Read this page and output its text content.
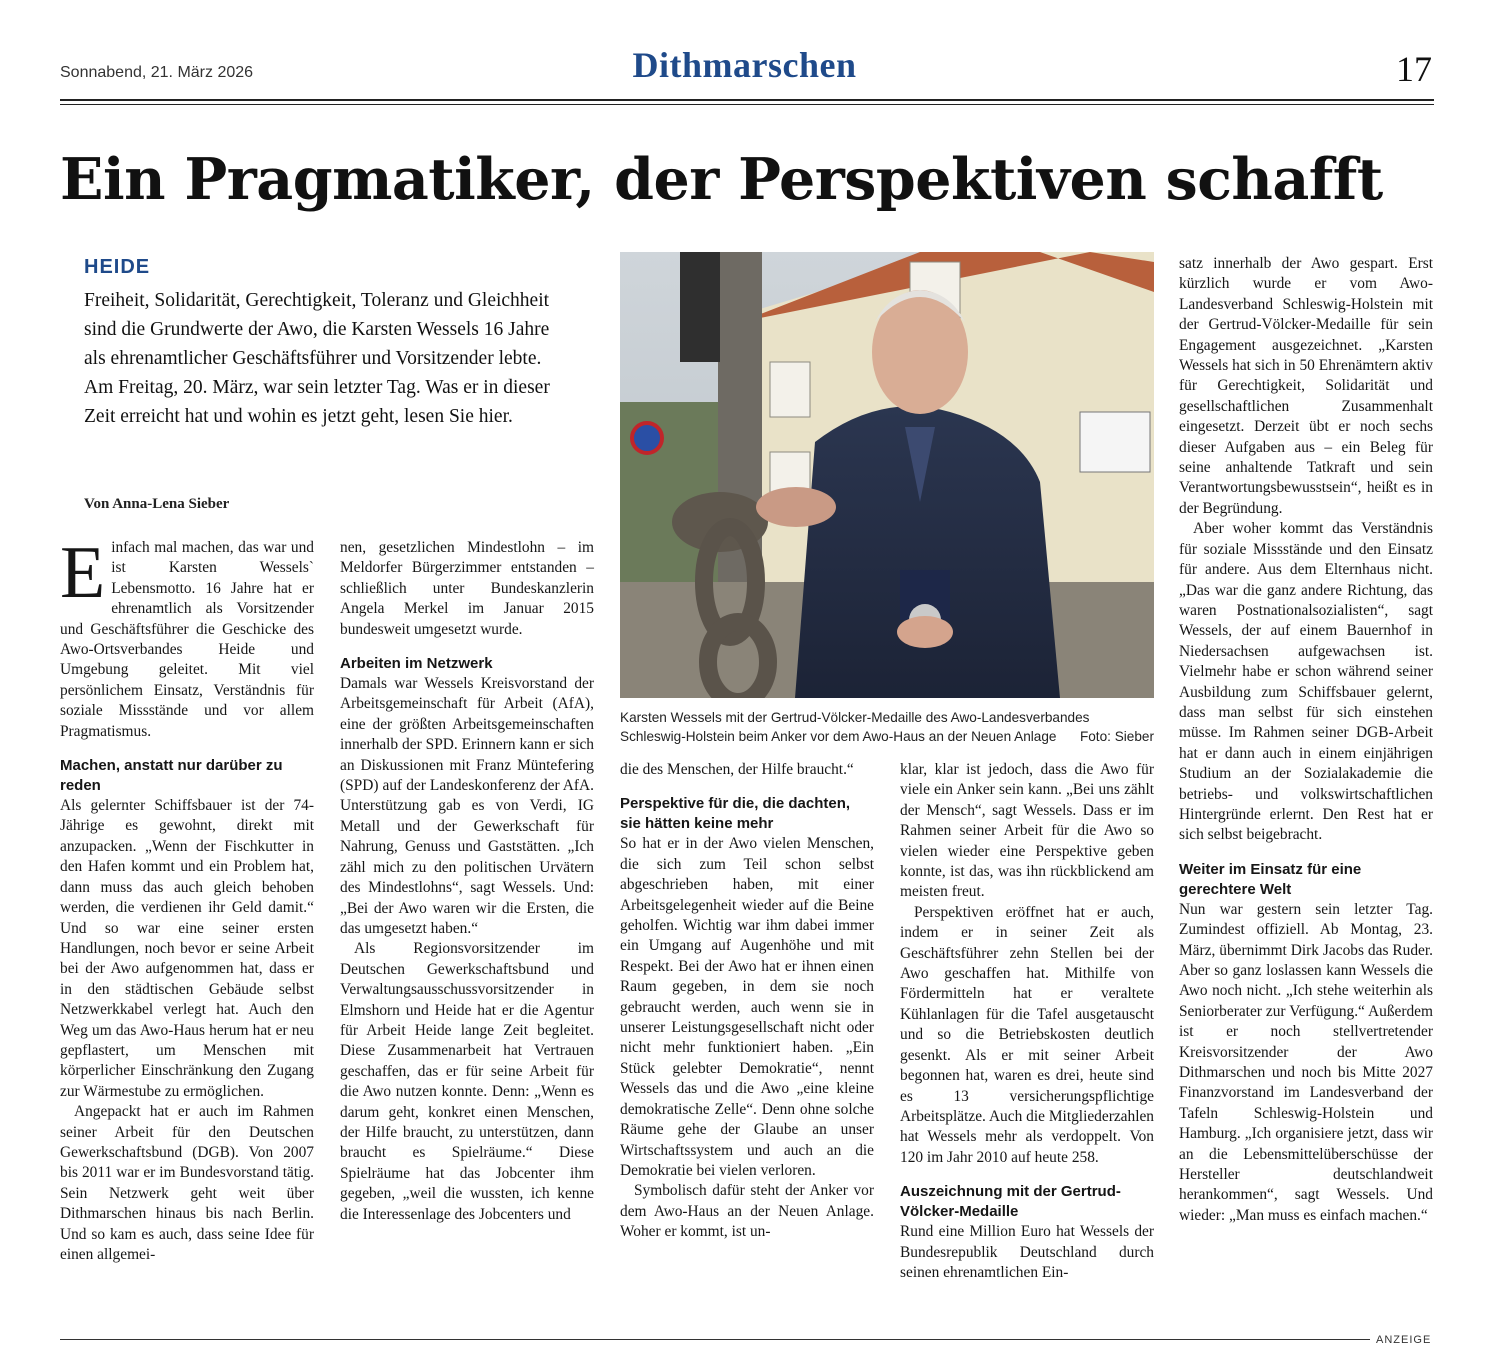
Sonnabend, 21. März 2026	Dithmarschen	17
Ein Pragmatiker, der Perspektiven schafft
HEIDE

Freiheit, Solidarität, Gerechtigkeit, Toleranz und Gleichheit sind die Grundwerte der Awo, die Karsten Wessels 16 Jahre als ehrenamtlicher Geschäftsführer und Vorsitzender lebte. Am Freitag, 20. März, war sein letzter Tag. Was er in dieser Zeit erreicht hat und wohin es jetzt geht, lesen Sie hier.

Von Anna-Lena Sieber

Einfach mal machen, das war und ist Karsten Wessels` Lebensmotto. 16 Jahre hat er ehrenamtlich als Vorsitzender und Geschäftsführer die Geschicke des Awo-Ortsverbandes Heide und Umgebung geleitet. Mit viel persönlichem Einsatz, Verständnis für soziale Missstände und vor allem Pragmatismus.

Machen, anstatt nur darüber zu reden

Als gelernter Schiffsbauer ist der 74-Jährige es gewohnt, direkt mit anzupacken. „Wenn der Fischkutter in den Hafen kommt und ein Problem hat, dann muss das auch gleich behoben werden, die verdienen ihr Geld damit.“ Und so war eine seiner ersten Handlungen, noch bevor er seine Arbeit bei der Awo aufgenommen hat, dass er in den städtischen Gebäude selbst Netzwerkkabel verlegt hat. Auch den Weg um das Awo-Haus herum hat er neu gepflastert, um Menschen mit körperlicher Einschränkung den Zugang zur Wärmestube zu ermöglichen.

Angepackt hat er auch im Rahmen seiner Arbeit für den Deutschen Gewerkschaftsbund (DGB). Von 2007 bis 2011 war er im Bundesvorstand tätig. Sein Netzwerk geht weit über Dithmarschen hinaus bis nach Berlin. Und so kam es auch, dass seine Idee für einen allgemei-

nen, gesetzlichen Mindestlohn – im Meldorfer Bürgerzimmer entstanden – schließlich unter Bundeskanzlerin Angela Merkel im Januar 2015 bundesweit umgesetzt wurde.

Arbeiten im Netzwerk

Damals war Wessels Kreisvorstand der Arbeitsgemeinschaft für Arbeit (AfA), eine der größten Arbeitsgemeinschaften innerhalb der SPD. Erinnern kann er sich an Diskussionen mit Franz Müntefering (SPD) auf der Landeskonferenz der AfA. Unterstützung gab es von Verdi, IG Metall und der Gewerkschaft für Nahrung, Genuss und Gaststätten. „Ich zähl mich zu den politischen Urvätern des Mindestlohns“, sagt Wessels. Und: „Bei der Awo waren wir die Ersten, die das umgesetzt haben.“

Als Regionsvorsitzender im Deutschen Gewerkschaftsbund und Verwaltungsausschussvorsitzender in Elmshorn und Heide hat er die Agentur für Arbeit Heide lange Zeit begleitet. Diese Zusammenarbeit hat Vertrauen geschaffen, das er für seine Arbeit für die Awo nutzen konnte. Denn: „Wenn es darum geht, konkret einen Menschen, der Hilfe braucht, zu unterstützen, dann braucht es Spielräume.“ Diese Spielräume hat das Jobcenter ihm gegeben, „weil die wussten, ich kenne die Interessenlage des Jobcenters und

Karsten Wessels mit der Gertrud-Völcker-Medaille des Awo-Landesverbandes Schleswig-Holstein beim Anker vor dem Awo-Haus an der Neuen Anlage Foto: Sieber

die des Menschen, der Hilfe braucht.“

Perspektive für die, die dachten, sie hätten keine mehr

So hat er in der Awo vielen Menschen, die sich zum Teil schon selbst abgeschrieben haben, mit einer Arbeitsgelegenheit wieder auf die Beine geholfen. Wichtig war ihm dabei immer ein Umgang auf Augenhöhe und mit Respekt. Bei der Awo hat er ihnen einen Raum gegeben, in dem sie noch gebraucht werden, auch wenn sie in unserer Leistungsgesellschaft nicht oder nicht mehr funktioniert haben. „Ein Stück gelebter Demokratie“, nennt Wessels das und die Awo „eine kleine demokratische Zelle“. Denn ohne solche Räume gehe der Glaube an unser Wirtschaftssystem und auch an die Demokratie bei vielen verloren.

Symbolisch dafür steht der Anker vor dem Awo-Haus an der Neuen Anlage. Woher er kommt, ist un-

klar, klar ist jedoch, dass die Awo für viele ein Anker sein kann. „Bei uns zählt der Mensch“, sagt Wessels. Dass er im Rahmen seiner Arbeit für die Awo so vielen wieder eine Perspektive geben konnte, ist das, was ihn rückblickend am meisten freut.

Perspektiven eröffnet hat er auch, indem er in seiner Zeit als Geschäftsführer zehn Stellen bei der Awo geschaffen hat. Mithilfe von Fördermitteln hat er veraltete Kühlanlagen für die Tafel ausgetauscht und so die Betriebskosten deutlich gesenkt. Als er mit seiner Arbeit begonnen hat, waren es drei, heute sind es 13 versicherungspflichtige Arbeitsplätze. Auch die Mitgliederzahlen hat Wessels mehr als verdoppelt. Von 120 im Jahr 2010 auf heute 258.

Auszeichnung mit der Gertrud-Völcker-Medaille

Rund eine Million Euro hat Wessels der Bundesrepublik Deutschland durch seinen ehrenamtlichen Ein-

satz innerhalb der Awo gespart. Erst kürzlich wurde er vom Awo-Landesverband Schleswig-Holstein mit der Gertrud-Völcker-Medaille für sein Engagement ausgezeichnet. „Karsten Wessels hat sich in 50 Ehrenämtern aktiv für Gerechtigkeit, Solidarität und gesellschaftlichen Zusammenhalt eingesetzt. Derzeit übt er noch sechs dieser Aufgaben aus – ein Beleg für seine anhaltende Tatkraft und sein Verantwortungsbewusstsein“, heißt es in der Begründung.

Aber woher kommt das Verständnis für soziale Missstände und den Einsatz für andere. Aus dem Elternhaus nicht. „Das war die ganz andere Richtung, das waren Postnationalsozialisten“, sagt Wessels, der auf einem Bauernhof in Niedersachsen aufgewachsen ist. Vielmehr habe er schon während seiner Ausbildung zum Schiffsbauer gelernt, dass man selbst für sich einstehen müsse. Im Rahmen seiner DGB-Arbeit hat er dann auch in einem einjährigen Studium an der Sozialakademie die betriebs- und volkswirtschaftlichen Hintergründe erlernt. Den Rest hat er sich selbst beigebracht.

Weiter im Einsatz für eine gerechtere Welt

Nun war gestern sein letzter Tag. Zumindest offiziell. Ab Montag, 23. März, übernimmt Dirk Jacobs das Ruder. Aber so ganz loslassen kann Wessels die Awo noch nicht. „Ich stehe weiterhin als Seniorberater zur Verfügung.“ Außerdem ist er noch stellvertretender Kreisvorsitzender der Awo Dithmarschen und noch bis Mitte 2027 Finanzvorstand im Landesverband der Tafeln Schleswig-Holstein und Hamburg. „Ich organisiere jetzt, dass wir an die Lebensmittelüberschüsse der Hersteller deutschlandweit herankommen“, sagt Wessels. Und wieder: „Man muss es einfach machen.“

ANZEIGE
